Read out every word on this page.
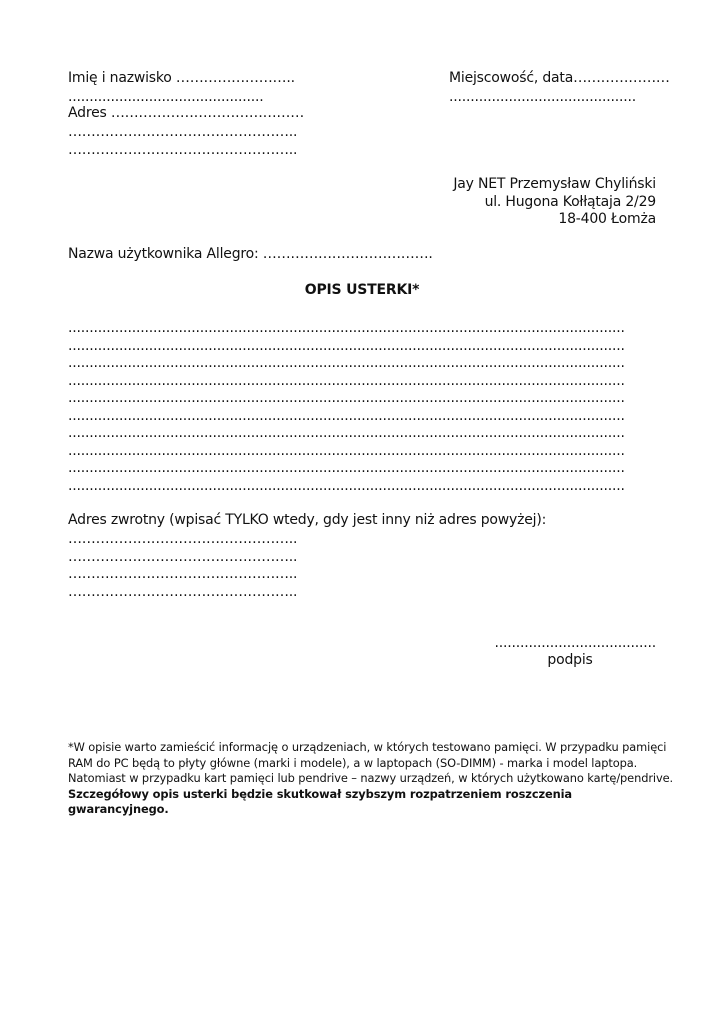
Imię i nazwisko ……………………..
..............................................
Adres ……………………………………
…………………………………………..
…………………………………………..
Miejscowość, data…………………
............................................
Jay NET Przemysław Chyliński
ul. Hugona Kołłątaja 2/29
18-400 Łomża
Nazwa użytkownika Allegro: ……………………………….
OPIS USTERKI*
...................................................................................................................................
...................................................................................................................................
...................................................................................................................................
...................................................................................................................................
...................................................................................................................................
...................................................................................................................................
...................................................................................................................................
...................................................................................................................................
...................................................................................................................................
...................................................................................................................................
Adres zwrotny (wpisać TYLKO wtedy, gdy jest inny niż adres powyżej):
…………………………………………..
…………………………………………..
…………………………………………..
…………………………………………..
......................................
podpis
*W opisie warto zamieścić informację o urządzeniach, w których testowano pamięci. W przypadku pamięci
RAM do PC będą to płyty główne (marki i modele), a w laptopach (SO-DIMM) - marka i model laptopa.
Natomiast w przypadku kart pamięci lub pendrive – nazwy urządzeń, w których użytkowano kartę/pendrive.
Szczegółowy opis usterki będzie skutkował szybszym rozpatrzeniem roszczenia
gwarancyjnego.
